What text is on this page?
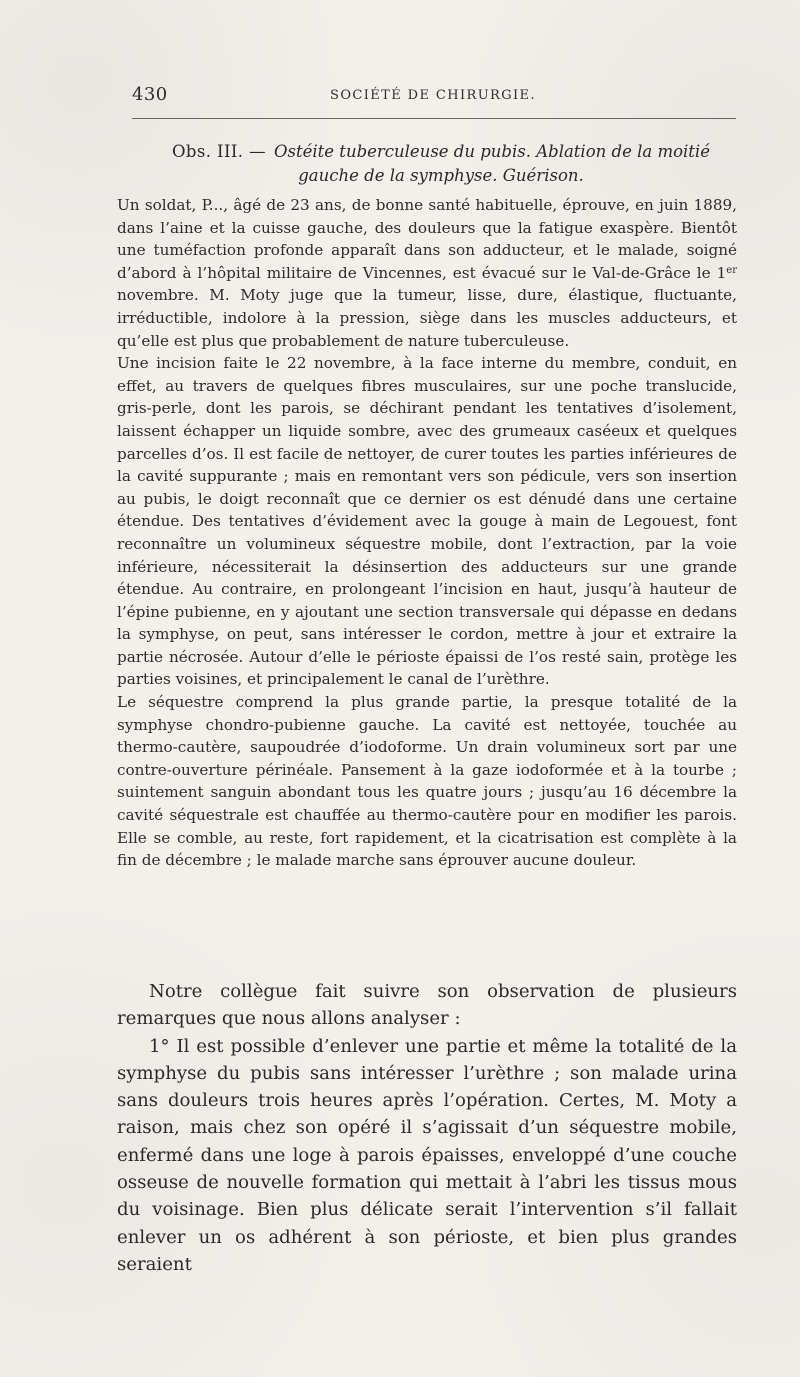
430	SOCIÉTÉ DE CHIRURGIE.
Obs. III. — Ostéite tuberculeuse du pubis. Ablation de la moitié
gauche de la symphyse. Guérison.

Un soldat, P..., âgé de 23 ans, de bonne santé habituelle, éprouve, en juin 1889, dans l’aine et la cuisse gauche, des douleurs que la fatigue exaspère. Bientôt une tuméfaction profonde apparaît dans son adducteur, et le malade, soigné d’abord à l’hôpital militaire de Vincennes, est évacué sur le Val-de-Grâce le 1er novembre. M. Moty juge que la tumeur, lisse, dure, élastique, fluctuante, irréductible, indolore à la pression, siège dans les muscles adducteurs, et qu’elle est plus que probablement de nature tuberculeuse.

Une incision faite le 22 novembre, à la face interne du membre, conduit, en effet, au travers de quelques fibres musculaires, sur une poche translucide, gris-perle, dont les parois, se déchirant pendant les tentatives d’isolement, laissent échapper un liquide sombre, avec des grumeaux caséeux et quelques parcelles d’os. Il est facile de nettoyer, de curer toutes les parties inférieures de la cavité suppurante ; mais en remontant vers son pédicule, vers son insertion au pubis, le doigt reconnaît que ce dernier os est dénudé dans une certaine étendue. Des tentatives d’évidement avec la gouge à main de Legouest, font reconnaître un volumineux séquestre mobile, dont l’extraction, par la voie inférieure, nécessiterait la désinsertion des adducteurs sur une grande étendue. Au contraire, en prolongeant l’incision en haut, jusqu’à hauteur de l’épine pubienne, en y ajoutant une section transversale qui dépasse en dedans la symphyse, on peut, sans intéresser le cordon, mettre à jour et extraire la partie nécrosée. Autour d’elle le périoste épaissi de l’os resté sain, protège les parties voisines, et principalement le canal de l’urèthre.

Le séquestre comprend la plus grande partie, la presque totalité de la symphyse chondro-pubienne gauche. La cavité est nettoyée, touchée au thermo-cautère, saupoudrée d’iodoforme. Un drain volumineux sort par une contre-ouverture périnéale. Pansement à la gaze iodoformée et à la tourbe ; suintement sanguin abondant tous les quatre jours ; jusqu’au 16 décembre la cavité séquestrale est chauffée au thermo-cautère pour en modifier les parois. Elle se comble, au reste, fort rapidement, et la cicatrisation est complète à la fin de décembre ; le malade marche sans éprouver aucune douleur.

Notre collègue fait suivre son observation de plusieurs remarques que nous allons analyser :

1° Il est possible d’enlever une partie et même la totalité de la symphyse du pubis sans intéresser l’urèthre ; son malade urina sans douleurs trois heures après l’opération. Certes, M. Moty a raison, mais chez son opéré il s’agissait d’un séquestre mobile, enfermé dans une loge à parois épaisses, enveloppé d’une couche osseuse de nouvelle formation qui mettait à l’abri les tissus mous du voisinage. Bien plus délicate serait l’intervention s’il fallait enlever un os adhérent à son périoste, et bien plus grandes seraient
